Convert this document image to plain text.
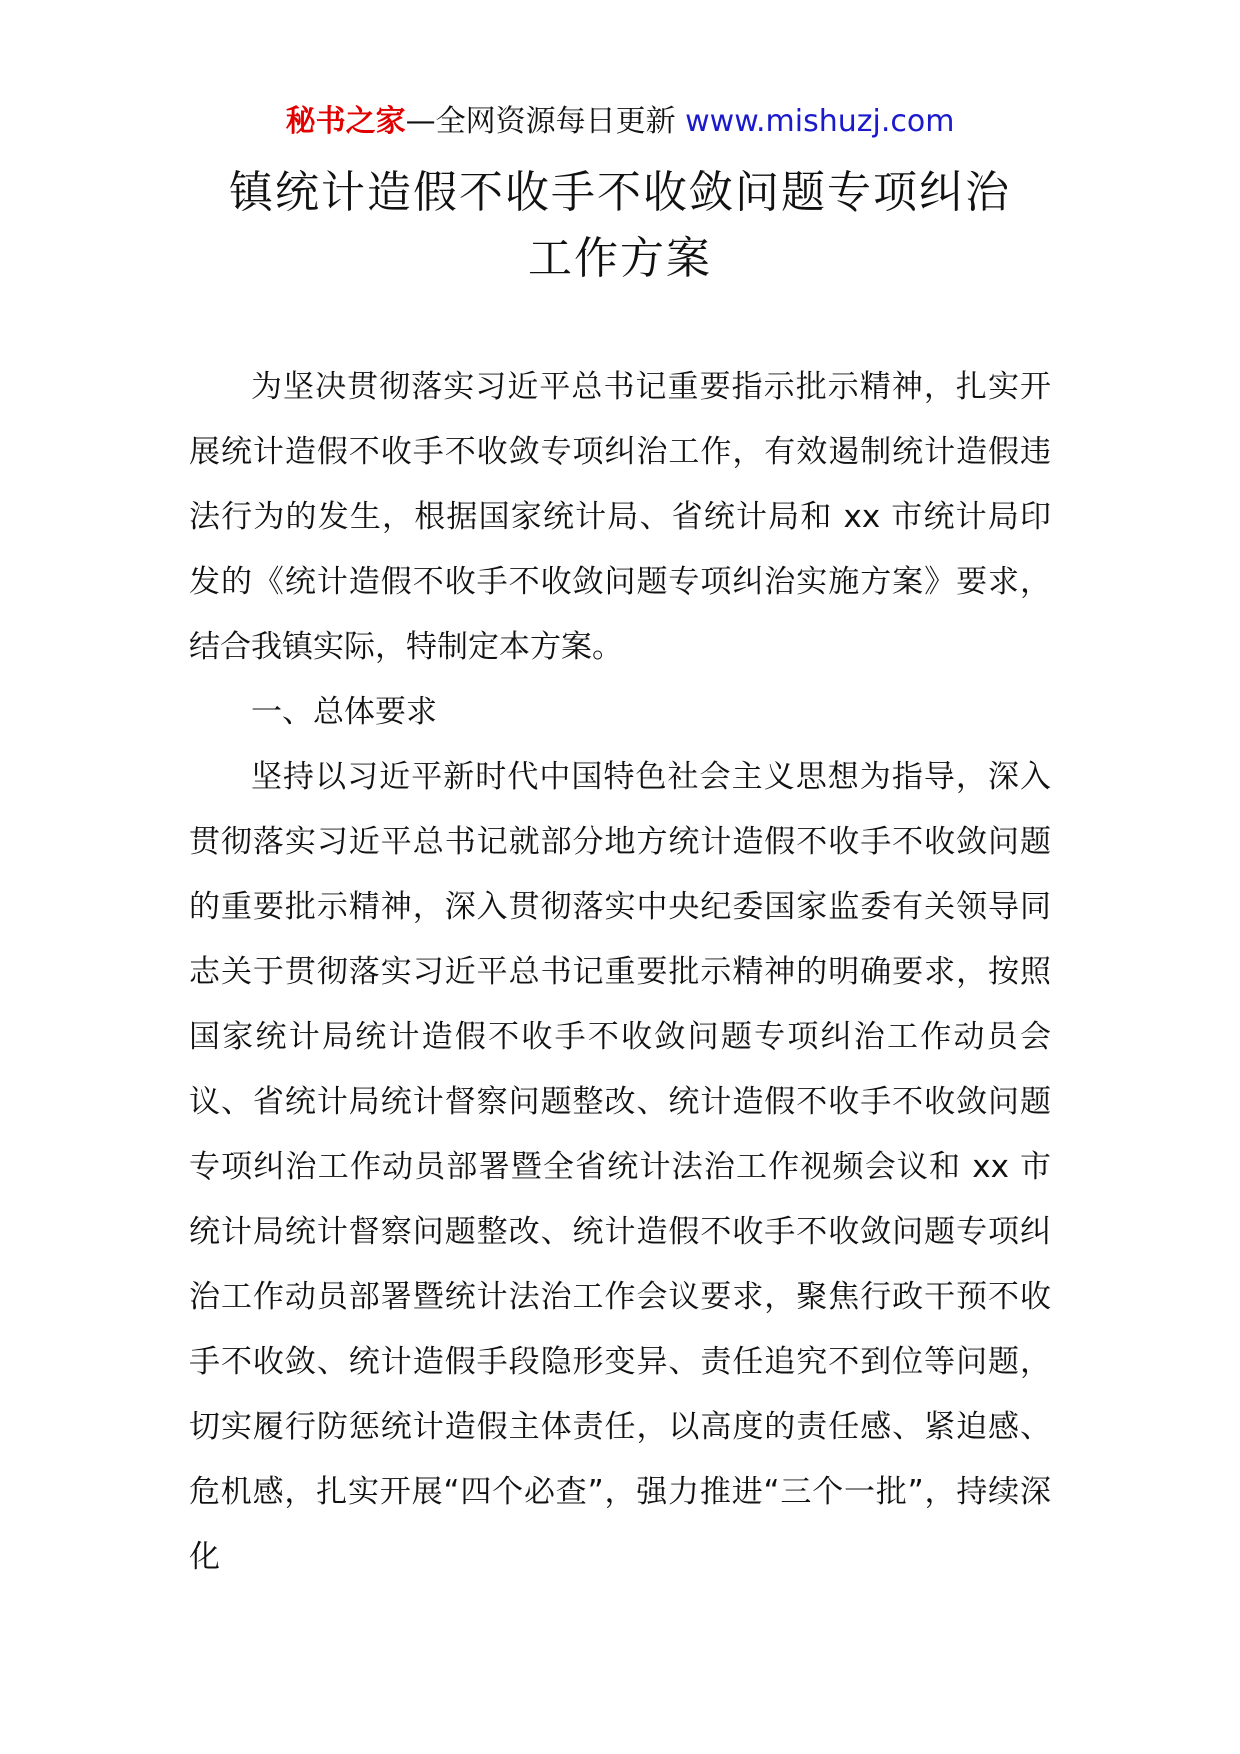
秘书之家—全网资源每日更新 www.mishuzj.com
镇统计造假不收手不收敛问题专项纠治
工作方案

为坚决贯彻落实习近平总书记重要指示批示精神，扎实开展统计造假不收手不收敛专项纠治工作，有效遏制统计造假违法行为的发生，根据国家统计局、省统计局和 xx 市统计局印发的《统计造假不收手不收敛问题专项纠治实施方案》要求，结合我镇实际，特制定本方案。

一、总体要求

坚持以习近平新时代中国特色社会主义思想为指导，深入贯彻落实习近平总书记就部分地方统计造假不收手不收敛问题的重要批示精神，深入贯彻落实中央纪委国家监委有关领导同志关于贯彻落实习近平总书记重要批示精神的明确要求，按照国家统计局统计造假不收手不收敛问题专项纠治工作动员会议、省统计局统计督察问题整改、统计造假不收手不收敛问题专项纠治工作动员部署暨全省统计法治工作视频会议和 xx 市统计局统计督察问题整改、统计造假不收手不收敛问题专项纠治工作动员部署暨统计法治工作会议要求，聚焦行政干预不收手不收敛、统计造假手段隐形变异、责任追究不到位等问题，切实履行防惩统计造假主体责任，以高度的责任感、紧迫感、危机感，扎实开展“四个必查”，强力推进“三个一批”，持续深化
